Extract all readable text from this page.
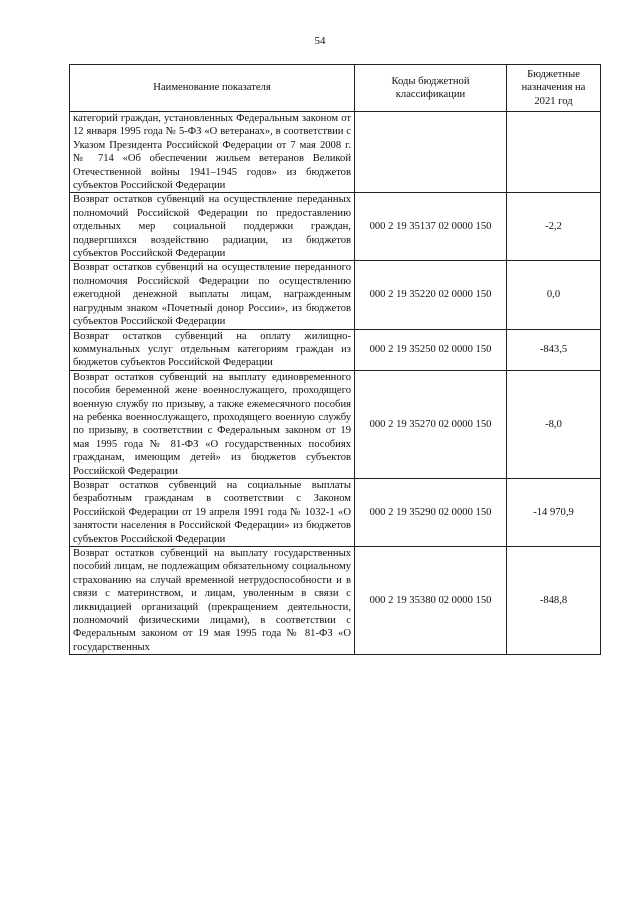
54
Наименование показателя	Коды бюджетной классификации	Бюджетные назначения на 2021 год
категорий граждан, установленных Федеральным законом от 12 января 1995 года № 5-ФЗ «О ветеранах», в соответствии с Указом Президента Российской Федерации от 7 мая 2008 г. № 714 «Об обеспечении жильем ветеранов Великой Отечественной войны 1941–1945 годов» из бюджетов субъектов Российской Федерации		
Возврат остатков субвенций на осуществление переданных полномочий Российской Федерации по предоставлению отдельных мер социальной поддержки граждан, подвергшихся воздействию радиации, из бюджетов субъектов Российской Федерации	000 2 19 35137 02 0000 150	-2,2
Возврат остатков субвенций на осуществление переданного полномочия Российской Федерации по осуществлению ежегодной денежной выплаты лицам, награжденным нагрудным знаком «Почетный донор России», из бюджетов субъектов Российской Федерации	000 2 19 35220 02 0000 150	0,0
Возврат остатков субвенций на оплату жилищно-коммунальных услуг отдельным категориям граждан из бюджетов субъектов Российской Федерации	000 2 19 35250 02 0000 150	-843,5
Возврат остатков субвенций на выплату единовременного пособия беременной жене военнослужащего, проходящего военную службу по призыву, а также ежемесячного пособия на ребенка военнослужащего, проходящего военную службу по призыву, в соответствии с Федеральным законом от 19 мая 1995 года № 81-ФЗ «О государственных пособиях гражданам, имеющим детей» из бюджетов субъектов Российской Федерации	000 2 19 35270 02 0000 150	-8,0
Возврат остатков субвенций на социальные выплаты безработным гражданам в соответствии с Законом Российской Федерации от 19 апреля 1991 года № 1032-1 «О занятости населения в Российской Федерации» из бюджетов субъектов Российской Федерации	000 2 19 35290 02 0000 150	-14 970,9
Возврат остатков субвенций на выплату государственных пособий лицам, не подлежащим обязательному социальному страхованию на случай временной нетрудоспособности и в связи с материнством, и лицам, уволенным в связи с ликвидацией организаций (прекращением деятельности, полномочий физическими лицами), в соответствии с Федеральным законом от 19 мая 1995 года № 81-ФЗ «О государственных	000 2 19 35380 02 0000 150	-848,8
